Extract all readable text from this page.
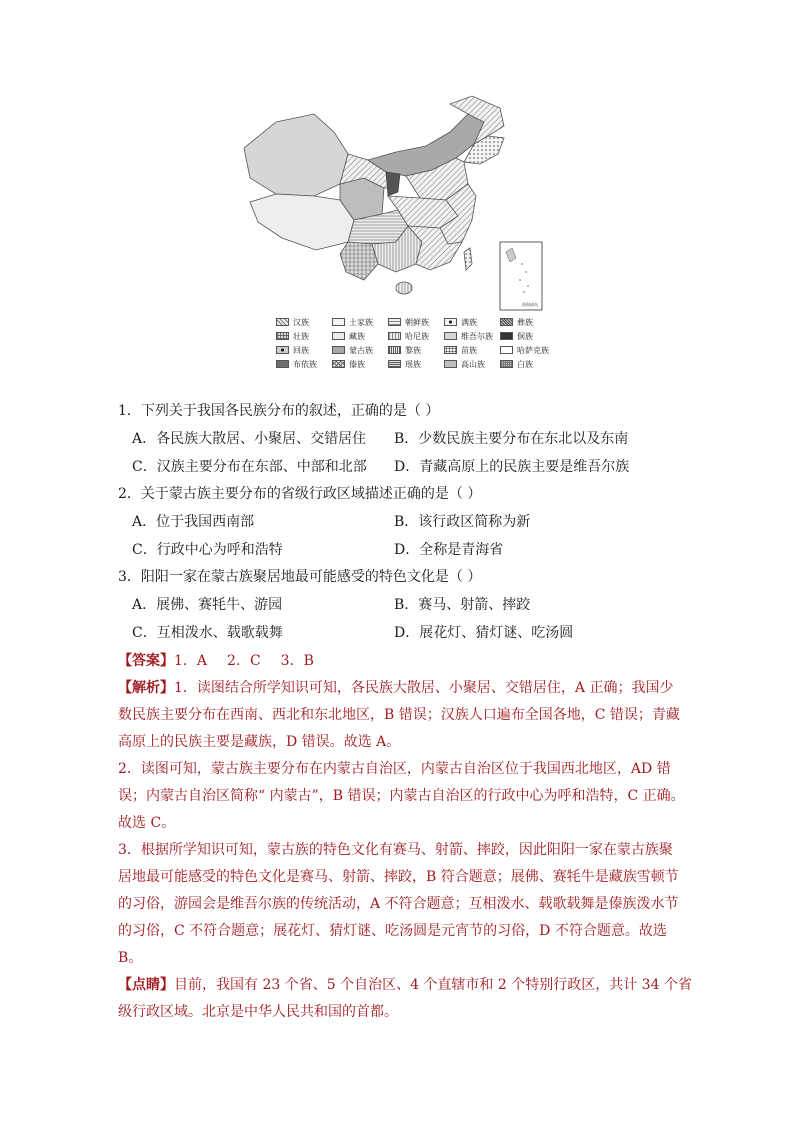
南海诸岛
汉族	土家族	朝鲜族	满族	彝族
壮族	藏族	哈尼族	维吾尔族	侗族
回族	蒙古族	黎族	苗族	哈萨克族
布依族	傣族	瑶族	高山族	白族
1．下列关于我国各民族分布的叙述，正确的是（ ）
A．各民族大散居、小聚居、交错居住	B．少数民族主要分布在东北以及东南
C．汉族主要分布在东部、中部和北部	D．青藏高原上的民族主要是维吾尔族
2．关于蒙古族主要分布的省级行政区域描述正确的是（ ）
A．位于我国西南部	B．该行政区简称为新
C．行政中心为呼和浩特	D．全称是青海省
3．阳阳一家在蒙古族聚居地最可能感受的特色文化是（ ）
A．展佛、赛牦牛、游园	B．赛马、射箭、摔跤
C．互相泼水、载歌载舞	D．展花灯、猜灯谜、吃汤圆
【答案】1．A 2．C 3．B
【解析】1．读图结合所学知识可知，各民族大散居、小聚居、交错居住，A 正确；我国少
数民族主要分布在西南、西北和东北地区，B 错误；汉族人口遍布全国各地，C 错误；青藏
高原上的民族主要是藏族，D 错误。故选 A。
2．读图可知，蒙古族主要分布在内蒙古自治区，内蒙古自治区位于我国西北地区，AD 错
误；内蒙古自治区简称“ 内蒙古”，B 错误；内蒙古自治区的行政中心为呼和浩特，C 正确。
故选 C。
3．根据所学知识可知，蒙古族的特色文化有赛马、射箭、摔跤，因此阳阳一家在蒙古族聚
居地最可能感受的特色文化是赛马、射箭、摔跤，B 符合题意；展佛、赛牦牛是藏族雪顿节
的习俗，游园会是维吾尔族的传统活动，A 不符合题意；互相泼水、载歌载舞是傣族泼水节
的习俗，C 不符合题意；展花灯、猜灯谜、吃汤圆是元宵节的习俗，D 不符合题意。故选
B。
【点睛】目前，我国有 23 个省、5 个自治区、4 个直辖市和 2 个特别行政区，共计 34 个省
级行政区域。北京是中华人民共和国的首都。
